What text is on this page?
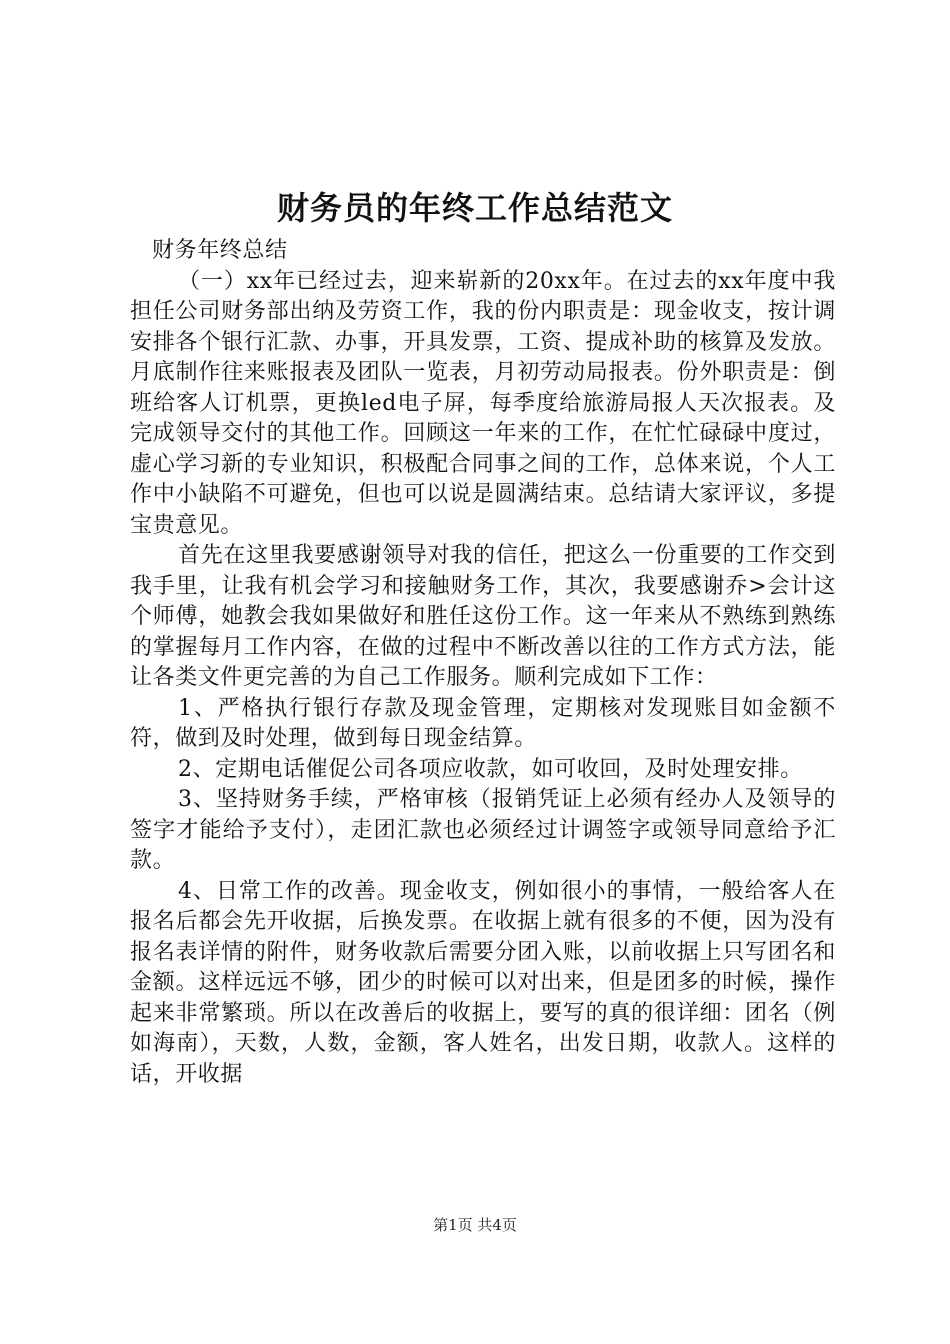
财务员的年终工作总结范文

财务年终总结

（一）xx年已经过去，迎来崭新的20xx年。在过去的xx年度中我担任公司财务部出纳及劳资工作，我的份内职责是：现金收支，按计调安排各个银行汇款、办事，开具发票，工资、提成补助的核算及发放。月底制作往来账报表及团队一览表，月初劳动局报表。份外职责是：倒班给客人订机票，更换led电子屏，每季度给旅游局报人天次报表。及完成领导交付的其他工作。回顾这一年来的工作，在忙忙碌碌中度过，虚心学习新的专业知识，积极配合同事之间的工作，总体来说，个人工作中小缺陷不可避免，但也可以说是圆满结束。总结请大家评议，多提宝贵意见。

首先在这里我要感谢领导对我的信任，把这么一份重要的工作交到我手里，让我有机会学习和接触财务工作，其次，我要感谢乔>会计这个师傅，她教会我如果做好和胜任这份工作。这一年来从不熟练到熟练的掌握每月工作内容，在做的过程中不断改善以往的工作方式方法，能让各类文件更完善的为自己工作服务。顺利完成如下工作：

1、严格执行银行存款及现金管理，定期核对发现账目如金额不符，做到及时处理，做到每日现金结算。

2、定期电话催促公司各项应收款，如可收回，及时处理安排。

3、坚持财务手续，严格审核（报销凭证上必须有经办人及领导的签字才能给予支付），走团汇款也必须经过计调签字或领导同意给予汇款。

4、日常工作的改善。现金收支，例如很小的事情，一般给客人在报名后都会先开收据，后换发票。在收据上就有很多的不便，因为没有报名表详情的附件，财务收款后需要分团入账，以前收据上只写团名和金额。这样远远不够，团少的时候可以对出来，但是团多的时候，操作起来非常繁琐。所以在改善后的收据上，要写的真的很详细：团名（例如海南），天数，人数，金额，客人姓名，出发日期，收款人。这样的话，开收据

第1页 共4页
